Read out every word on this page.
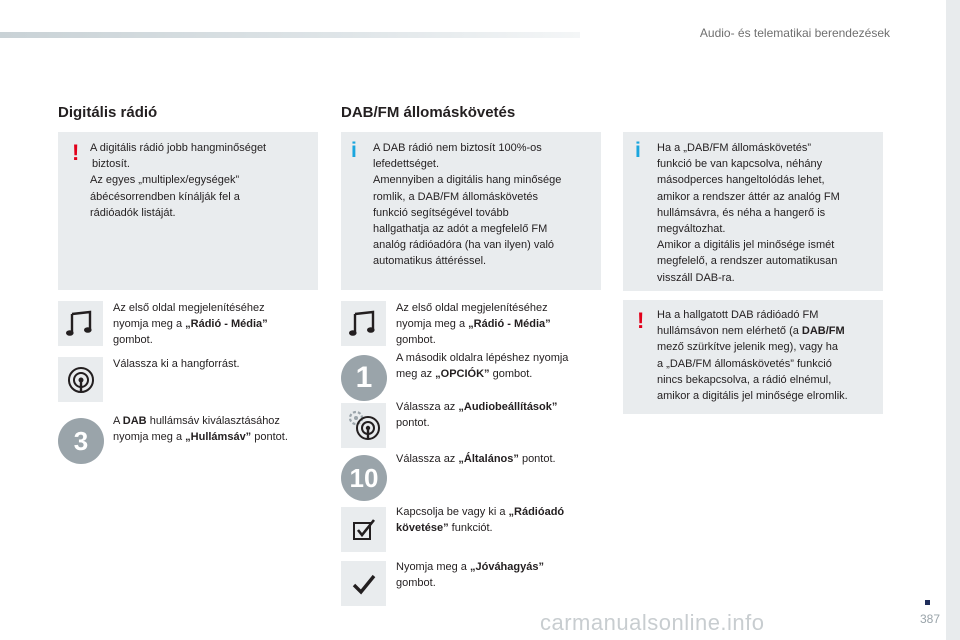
Audio- és telematikai berendezések
Digitális rádió
! A digitális rádió jobb hangminőséget
biztosít.
Az egyes „multiplex/egységek”
ábécésorrendben kínálják fel a
rádióadók listáját.
Az első oldal megjelenítéséhez
nyomja meg a „Rádió - Média”
gombot.
Válassza ki a hangforrást.
3
A DAB hullámsáv kiválasztásához
nyomja meg a „Hullámsáv” pontot.
DAB/FM állomáskövetés
i A DAB rádió nem biztosít 100%-os
lefedettséget.
Amennyiben a digitális hang minősége
romlik, a DAB/FM állomáskövetés
funkció segítségével tovább
hallgathatja az adót a megfelelő FM
analóg rádióadóra (ha van ilyen) való
automatikus áttéréssel.
Az első oldal megjelenítéséhez
nyomja meg a „Rádió - Média”
gombot.
1
A második oldalra lépéshez nyomja
meg az „OPCIÓK” gombot.
Válassza az „Audiobeállítások”
pontot.
10
Válassza az „Általános” pontot.
Kapcsolja be vagy ki a „Rádióadó
követése” funkciót.
Nyomja meg a „Jóváhagyás”
gombot.
i Ha a „DAB/FM állomáskövetés”
funkció be van kapcsolva, néhány
másodperces hangeltolódás lehet,
amikor a rendszer áttér az analóg FM
hullámsávra, és néha a hangerő is
megváltozhat.
Amikor a digitális jel minősége ismét
megfelelő, a rendszer automatikusan
visszáll DAB-ra.
! Ha a hallgatott DAB rádióadó FM
hullámsávon nem elérhető (a DAB/FM
mező szürkítve jelenik meg), vagy ha
a „DAB/FM állomáskövetés” funkció
nincs bekapcsolva, a rádió elnémul,
amikor a digitális jel minősége elromlik.
387
carmanualsonline.info
